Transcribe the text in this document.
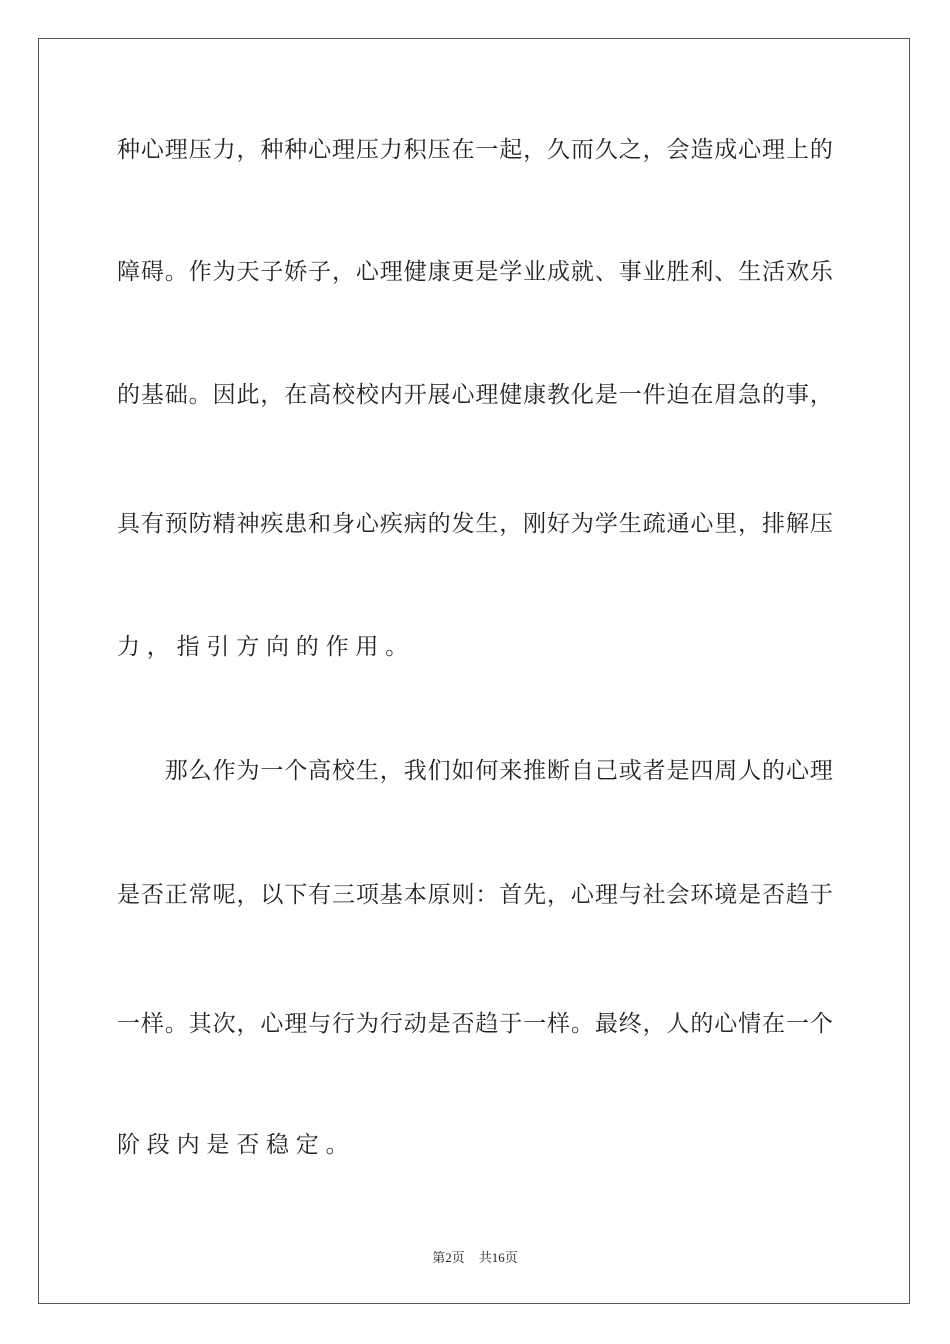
种 心 理 压 力 ， 种 种 心 理 压 力 积 压 在 一 起 ， 久 而 久 之 ， 会 造 成 心 理 上 的
障 碍 。 作 为 天 子 娇 子 ， 心 理 健 康 更 是 学 业 成 就 、 事 业 胜 利 、 生 活 欢 乐
的 基 础 。 因 此 ， 在 高 校 校 内 开 展 心 理 健 康 教 化 是 一 件 迫 在 眉 急 的 事 ，
具 有 预 防 精 神 疾 患 和 身 心 疾 病 的 发 生 ， 刚 好 为 学 生 疏 通 心 里 ， 排 解 压
力 ， 指 引 方 向 的 作 用 。

那 么 作 为 一 个 高 校 生 ， 我 们 如 何 来 推 断 自 己 或 者 是 四 周 人 的 心 理
是 否 正 常 呢 ， 以 下 有 三 项 基 本 原 则 ： 首 先 ， 心 理 与 社 会 环 境 是 否 趋 于
一 样 。 其 次 ， 心 理 与 行 为 行 动 是 否 趋 于 一 样 。 最 终 ， 人 的 心 情 在 一 个
阶 段 内 是 否 稳 定 。
第2页 共16页
